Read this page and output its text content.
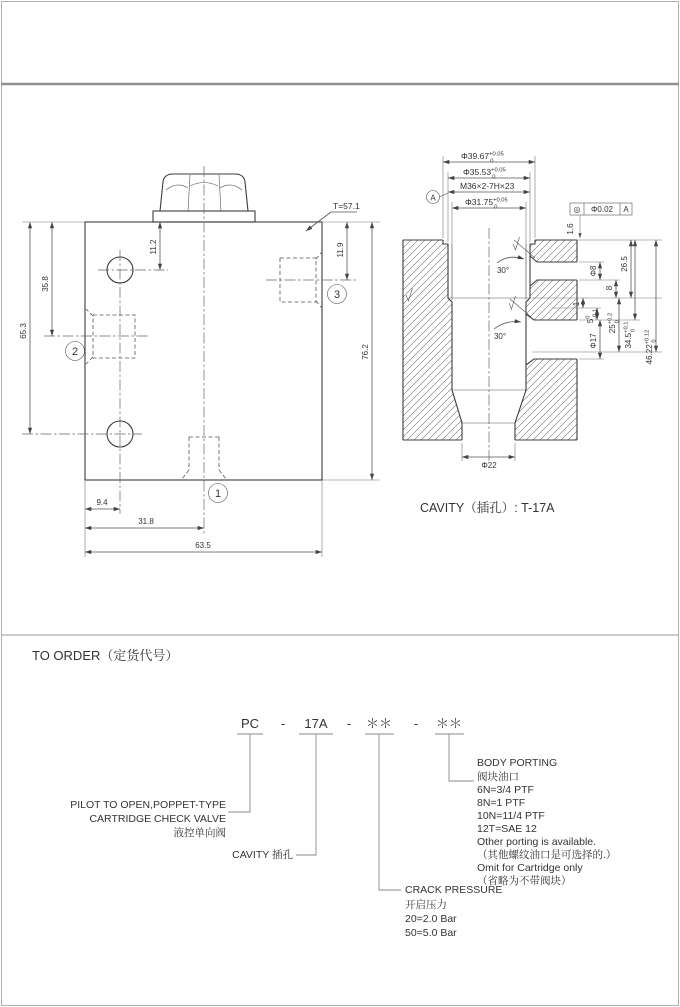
1
2
3
T=57.1
11.2
35.8
65.3
11.9
76.2
9.4
31.8
63.5
$\Phi 39.67^{+0.05}$ 0
$\Phi 35.53^{+0.05}$ 0
M36×2-7H×23
$\Phi 31.75^{+0.05}$ 0
A
◎ Φ0.02 A
1.6
Φ8
8
26.5
1
$5^0-0.1$
$25^{+0.2}0$
$34.5^{+0.1}0$
$46.22^{+0.12}0$
Φ17
Φ22
30°
30°
CAVITY（插孔）: T-17A
TO ORDER（定货代号）
PC - 17A - ＊＊ - ＊＊
PILOT TO OPEN,POPPET-TYPE
CARTRIDGE CHECK VALVE
液控单向阀
CAVITY 插孔
CRACK PRESSURE
开启压力
20=2.0 Bar
50=5.0 Bar
BODY PORTING
阀块油口
6N=3/4 PTF
8N=1 PTF
10N=11/4 PTF
12T=SAE 12
Other porting is available.
（其他螺纹油口是可选择的.）
Omit for Cartridge only
（省略为不带阀块）
